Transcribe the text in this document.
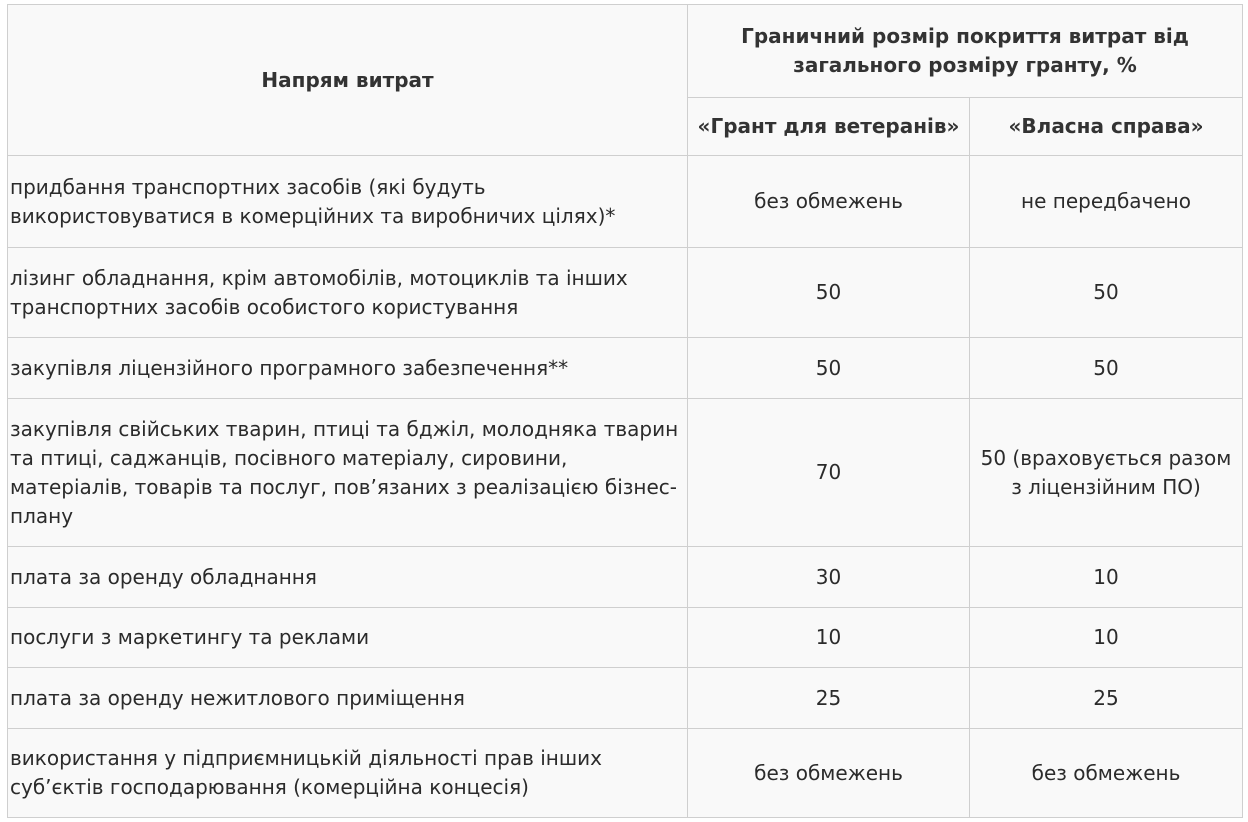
Напрям витрат	Граничний розмір покриття витрат від загального розміру гранту, %	
	«Грант для ветеранів»	«Власна справа»
придбання транспортних засобів (які будуть використовуватися в комерційних та виробничих цілях)*	без обмежень	не передбачено
лізинг обладнання, крім автомобілів, мотоциклів та інших транспортних засобів особистого користування	50	50
закупівля ліцензійного програмного забезпечення**	50	50
закупівля свійських тварин, птиці та бджіл, молодняка тварин та птиці, саджанців, посівного матеріалу, сировини, матеріалів, товарів та послуг, пов’язаних з реалізацією бізнес-плану	70	50 (враховується разом з ліцензійним ПО)
плата за оренду обладнання	30	10
послуги з маркетингу та реклами	10	10
плата за оренду нежитлового приміщення	25	25
використання у підприємницькій діяльності прав інших суб’єктів господарювання (комерційна концесія)	без обмежень	без обмежень
